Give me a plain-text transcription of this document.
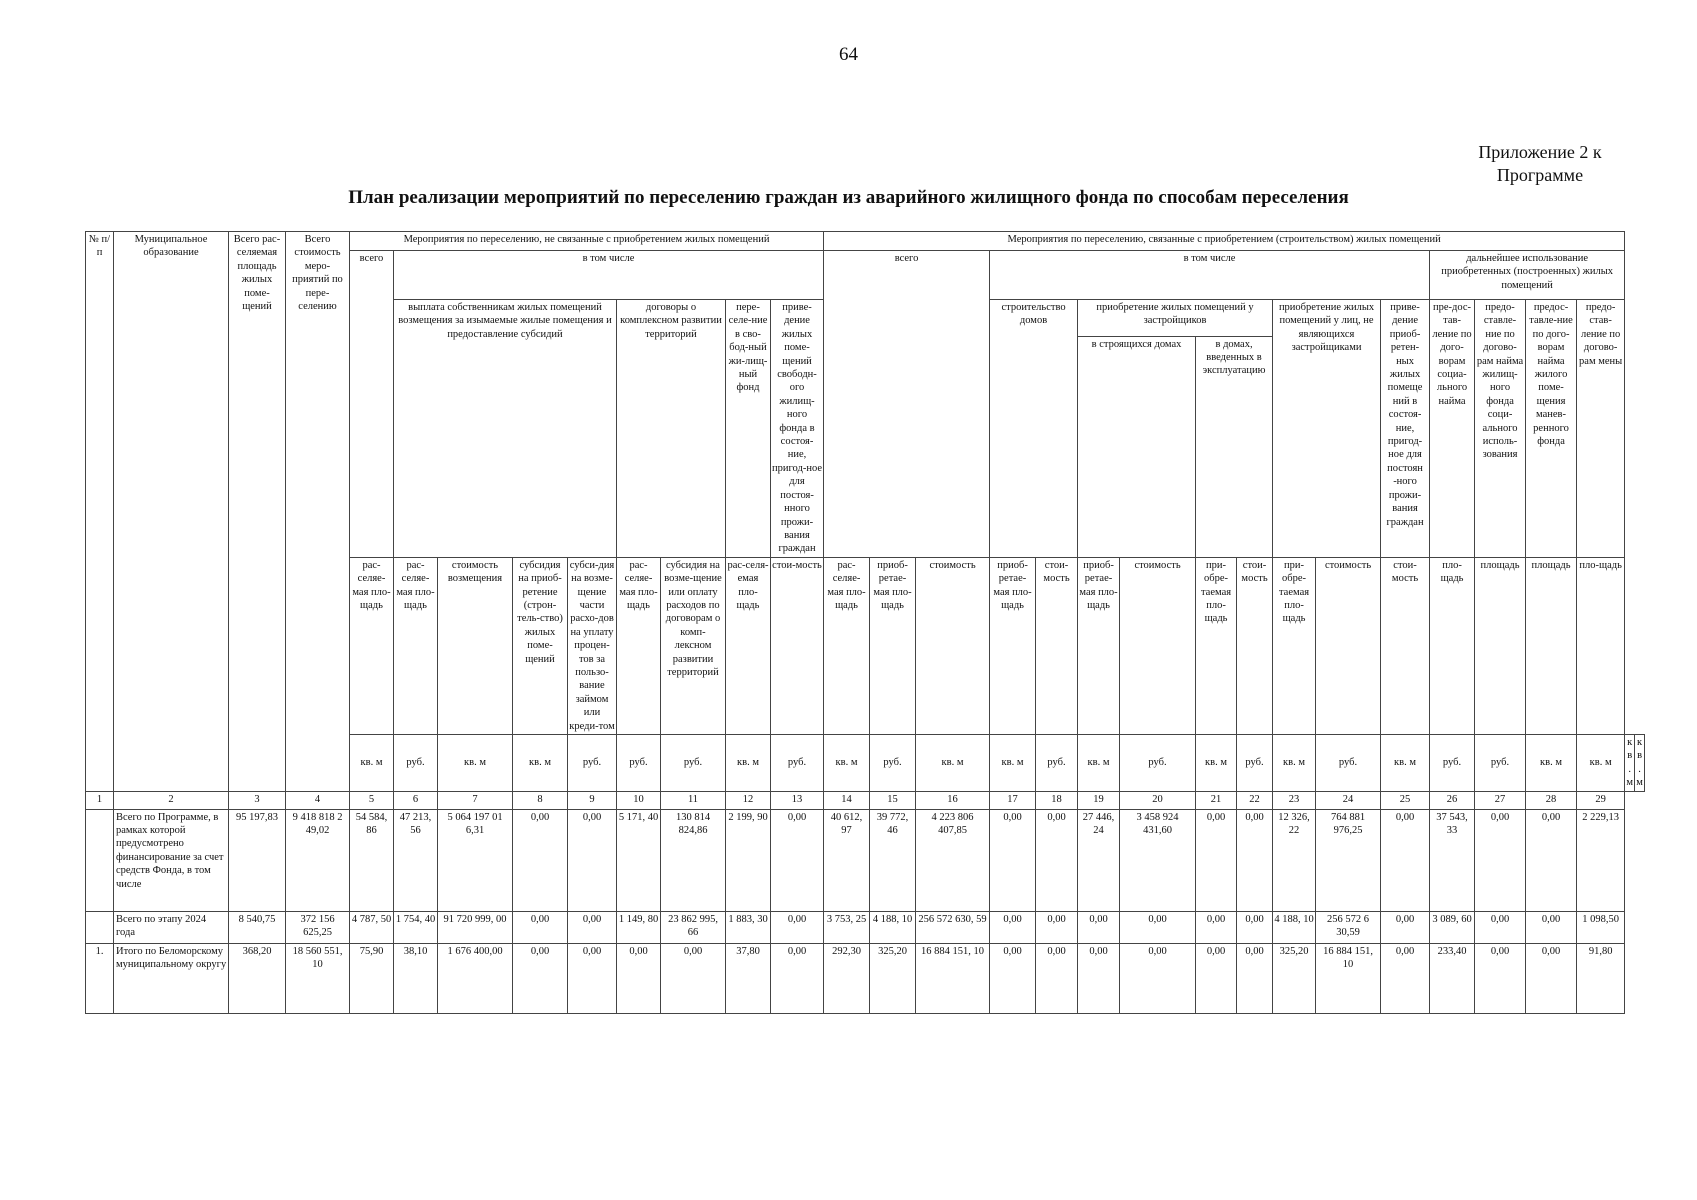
64
Приложение 2 к
Программе
План реализации мероприятий по переселению граждан из аварийного жилищного фонда по способам переселения
№ п/п	Муниципальное образование	Всего рас-селяемая площадь жилых поме-щений	Всего стоимость меро-приятий по пере-селению	Мероприятия по переселению, не связанные с приобретением жилых помещений									Мероприятия по переселению, связанные с приобретением (строительством) жилых помещений																	
				всего	в том числе								всего			в том числе									дальнейшее использование приобретенных (построенных) жилых помещений					
					выплата собственникам жилых помещений возмещения за изымаемые жилые помещения и предоставление субсидий				договоры о комплексном развитии территорий		пере-селе-ние в сво-бод-ный жи-лищ-ный фонд	приве-дение жилых поме-щений свободн-ого жилищ-ного фонда в состоя-ние, пригод-ное для постоя-нного прожи-вания граждан				строительство домов		приобретение жилых помещений у застройщиков				приобретение жилых помещений у лиц, не являющихся застройщиками		приве-дение приоб-ретен-ных жилых помеще ний в состоя-ние, пригод-ное для постоян -ного прожи-вания граждан	пре-дос-тав-ление по дого-ворам социа-льного найма	предо-ставле-ние по догово-рам найма жилищ-ного фонда соци-ального исполь-зования	предос-тавле-ние по дого-ворам найма жилого поме-щения манев-ренного фонда	предо-став-ление по догово-рам мены		
																		в строящихся домах		в домах, введенных в эксплуатацию										
				рас-селяе-мая пло-щадь	рас-селяе-мая пло-щадь	стоимость возмещения	субсидия на приоб-ретение (строн-тель-ство) жилых поме-щений	субси-дия на возме-щение части расхо-дов на уплату процен-тов за пользо-вание займом или креди-том	рас-селяе-мая пло-щадь	субсидия на возме-щение или оплату расходов по договорам о комп-лексном развитии территорий	рас-селя-емая пло-щадь	стои-мость	рас-селяе-мая пло-щадь	приоб-ретае-мая пло-щадь	стоимость	приоб-ретае-мая пло-щадь	стои-мость	приоб-ретае-мая пло-щадь	стоимость	при-обре-таемая пло-щадь	стои-мость	при-обре-таемая пло-щадь	стоимость	стои-мость	пло-щадь	площадь	площадь	пло-щадь		
				кв. м	руб.	кв. м	кв. м	руб.	руб.	руб.	кв. м	руб.	кв. м	руб.	кв. м	кв. м	руб.	кв. м	руб.	кв. м	руб.	кв. м	руб.	кв. м	руб.	руб.	кв. м	кв. м	кв. м	кв. м
1	2	3	4	5	6	7	8	9	10	11	12	13	14	15	16	17	18	19	20	21	22	23	24	25	26	27	28	29		
	Всего по Программе, в рамках которой предусмотрено финансирование за счет средств Фонда, в том числе	95 197,83	9 418 818 2 49,02	54 584, 86	47 213, 56	5 064 197 01 6,31	0,00	0,00	5 171, 40	130 814 824,86	2 199, 90	0,00	40 612, 97	39 772, 46	4 223 806 407,85	0,00	0,00	27 446, 24	3 458 924 431,60	0,00	0,00	12 326, 22	764 881 976,25	0,00	37 543, 33	0,00	0,00	2 229,13		
	Всего по этапу 2024 года	8 540,75	372 156 625,25	4 787, 50	1 754, 40	91 720 999, 00	0,00	0,00	1 149, 80	23 862 995, 66	1 883, 30	0,00	3 753, 25	4 188, 10	256 572 630, 59	0,00	0,00	0,00	0,00	0,00	0,00	4 188, 10	256 572 6 30,59	0,00	3 089, 60	0,00	0,00	1 098,50		
1.	Итого по Беломорскому муниципальному округу	368,20	18 560 551, 10	75,90	38,10	1 676 400,00	0,00	0,00	0,00	0,00	37,80	0,00	292,30	325,20	16 884 151, 10	0,00	0,00	0,00	0,00	0,00	0,00	325,20	16 884 151, 10	0,00	233,40	0,00	0,00	91,80		
